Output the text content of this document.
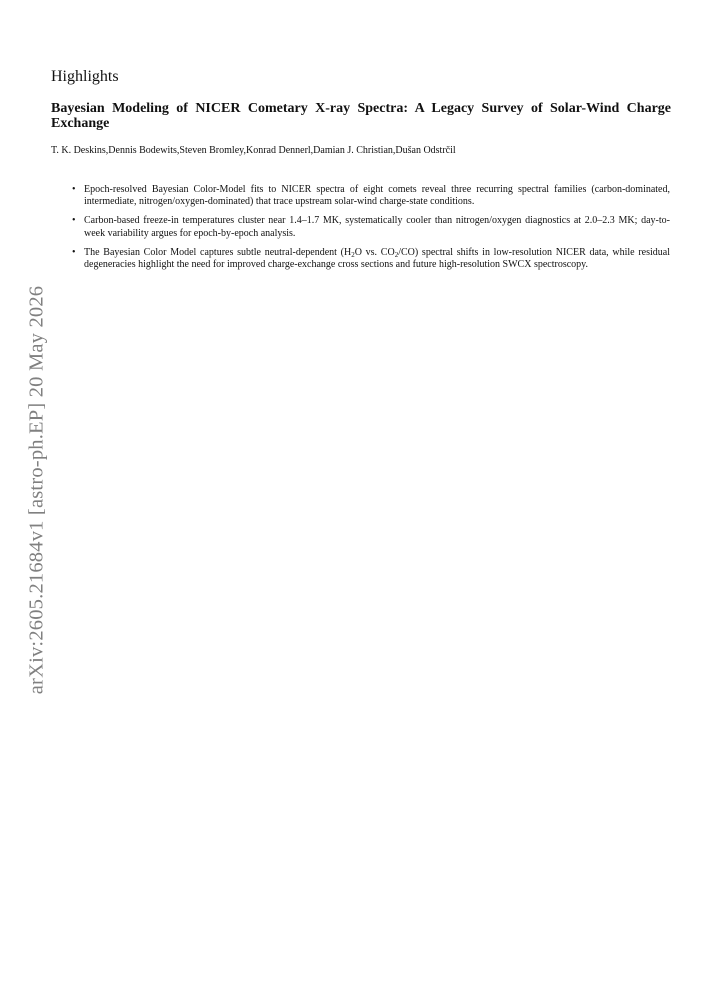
arXiv:2605.21684v1 [astro-ph.EP] 20 May 2026
Highlights
Bayesian Modeling of NICER Cometary X-ray Spectra: A Legacy Survey of Solar-Wind Charge Exchange

T. K. Deskins,Dennis Bodewits,Steven Bromley,Konrad Dennerl,Damian J. Christian,Dušan Odstrčil

• Epoch-resolved Bayesian Color-Model fits to NICER spectra of eight comets reveal three recurring spectral families (carbon-dominated, intermediate, nitrogen/oxygen-dominated) that trace upstream solar-wind charge-state conditions.
• Carbon-based freeze-in temperatures cluster near 1.4–1.7 MK, systematically cooler than nitrogen/oxygen diagnostics at 2.0–2.3 MK; day-to-week variability argues for epoch-by-epoch analysis.
• The Bayesian Color Model captures subtle neutral-dependent ($H_2O$ vs. $CO_2/CO$) spectral shifts in low-resolution NICER data, while residual degeneracies highlight the need for improved charge-exchange cross sections and future high-resolution SWCX spectroscopy.
